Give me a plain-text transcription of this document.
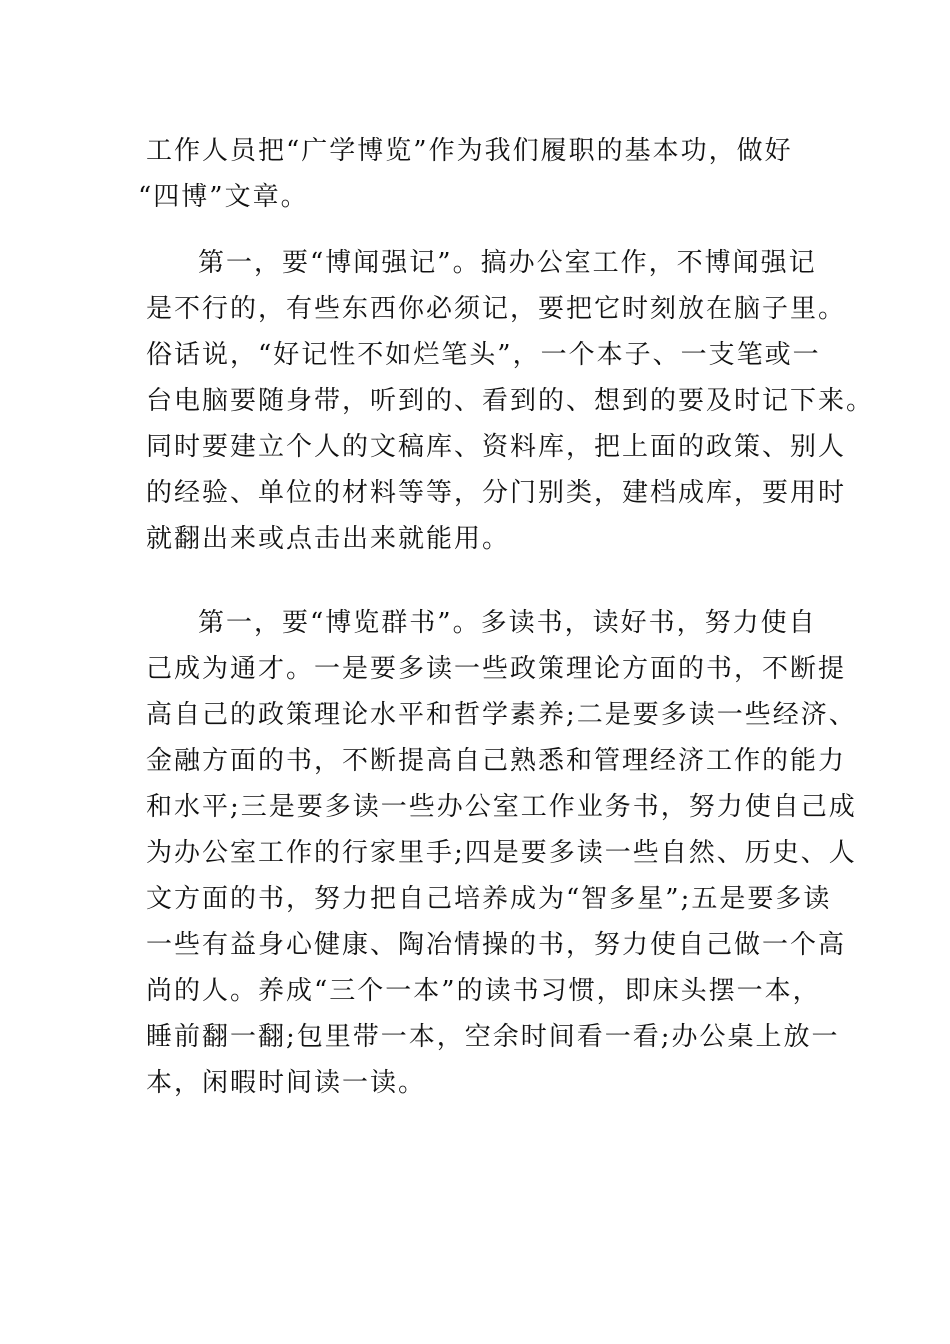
工作人员把“广学博览”作为我们履职的基本功，做好
“四博”文章。
第一，要“博闻强记”。搞办公室工作，不博闻强记
是不行的，有些东西你必须记，要把它时刻放在脑子里。
俗话说，“好记性不如烂笔头”，一个本子、一支笔或一
台电脑要随身带，听到的、看到的、想到的要及时记下来。
同时要建立个人的文稿库、资料库，把上面的政策、别人
的经验、单位的材料等等，分门别类，建档成库，要用时
就翻出来或点击出来就能用。
第一，要“博览群书”。多读书，读好书，努力使自
己成为通才。一是要多读一些政策理论方面的书，不断提
高自己的政策理论水平和哲学素养;二是要多读一些经济、
金融方面的书，不断提高自己熟悉和管理经济工作的能力
和水平;三是要多读一些办公室工作业务书，努力使自己成
为办公室工作的行家里手;四是要多读一些自然、历史、人
文方面的书，努力把自己培养成为“智多星”;五是要多读
一些有益身心健康、陶冶情操的书，努力使自己做一个高
尚的人。养成“三个一本”的读书习惯，即床头摆一本，
睡前翻一翻;包里带一本，空余时间看一看;办公桌上放一
本，闲暇时间读一读。
